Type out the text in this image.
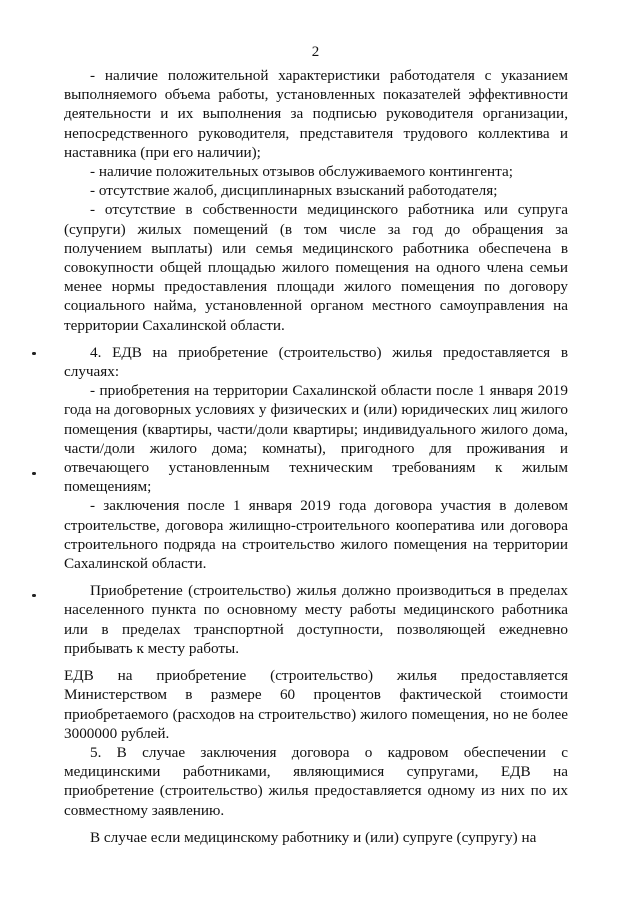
2

- наличие положительной характеристики работодателя с указанием выполняемого объема работы, установленных показателей эффективности деятельности и их выполнения за подписью руководителя организации, непосредственного руководителя, представителя трудового коллектива и наставника (при его наличии);

- наличие положительных отзывов обслуживаемого контингента;

- отсутствие жалоб, дисциплинарных взысканий работодателя;

- отсутствие в собственности медицинского работника или супруга (супруги) жилых помещений (в том числе за год до обращения за получением выплаты) или семья медицинского работника обеспечена в совокупности общей площадью жилого помещения на одного члена семьи менее нормы предоставления площади жилого помещения по договору социального найма, установленной органом местного самоуправления на территории Сахалинской области.

4. ЕДВ на приобретение (строительство) жилья предоставляется в случаях:

- приобретения на территории Сахалинской области после 1 января 2019 года на договорных условиях у физических и (или) юридических лиц жилого помещения (квартиры, части/доли квартиры; индивидуального жилого дома, части/доли жилого дома; комнаты), пригодного для проживания и отвечающего установленным техническим требованиям к жилым помещениям;

- заключения после 1 января 2019 года договора участия в долевом строительстве, договора жилищно-строительного кооператива или договора строительного подряда на строительство жилого помещения на территории Сахалинской области.

Приобретение (строительство) жилья должно производиться в пределах населенного пункта по основному месту работы медицинского работника или в пределах транспортной доступности, позволяющей ежедневно прибывать к месту работы.

ЕДВ на приобретение (строительство) жилья предоставляется Министерством в размере 60 процентов фактической стоимости приобретаемого (расходов на строительство) жилого помещения, но не более 3000000 рублей.

5. В случае заключения договора о кадровом обеспечении с медицинскими работниками, являющимися супругами, ЕДВ на приобретение (строительство) жилья предоставляется одному из них по их совместному заявлению.

В случае если медицинскому работнику и (или) супруге (супругу) на
